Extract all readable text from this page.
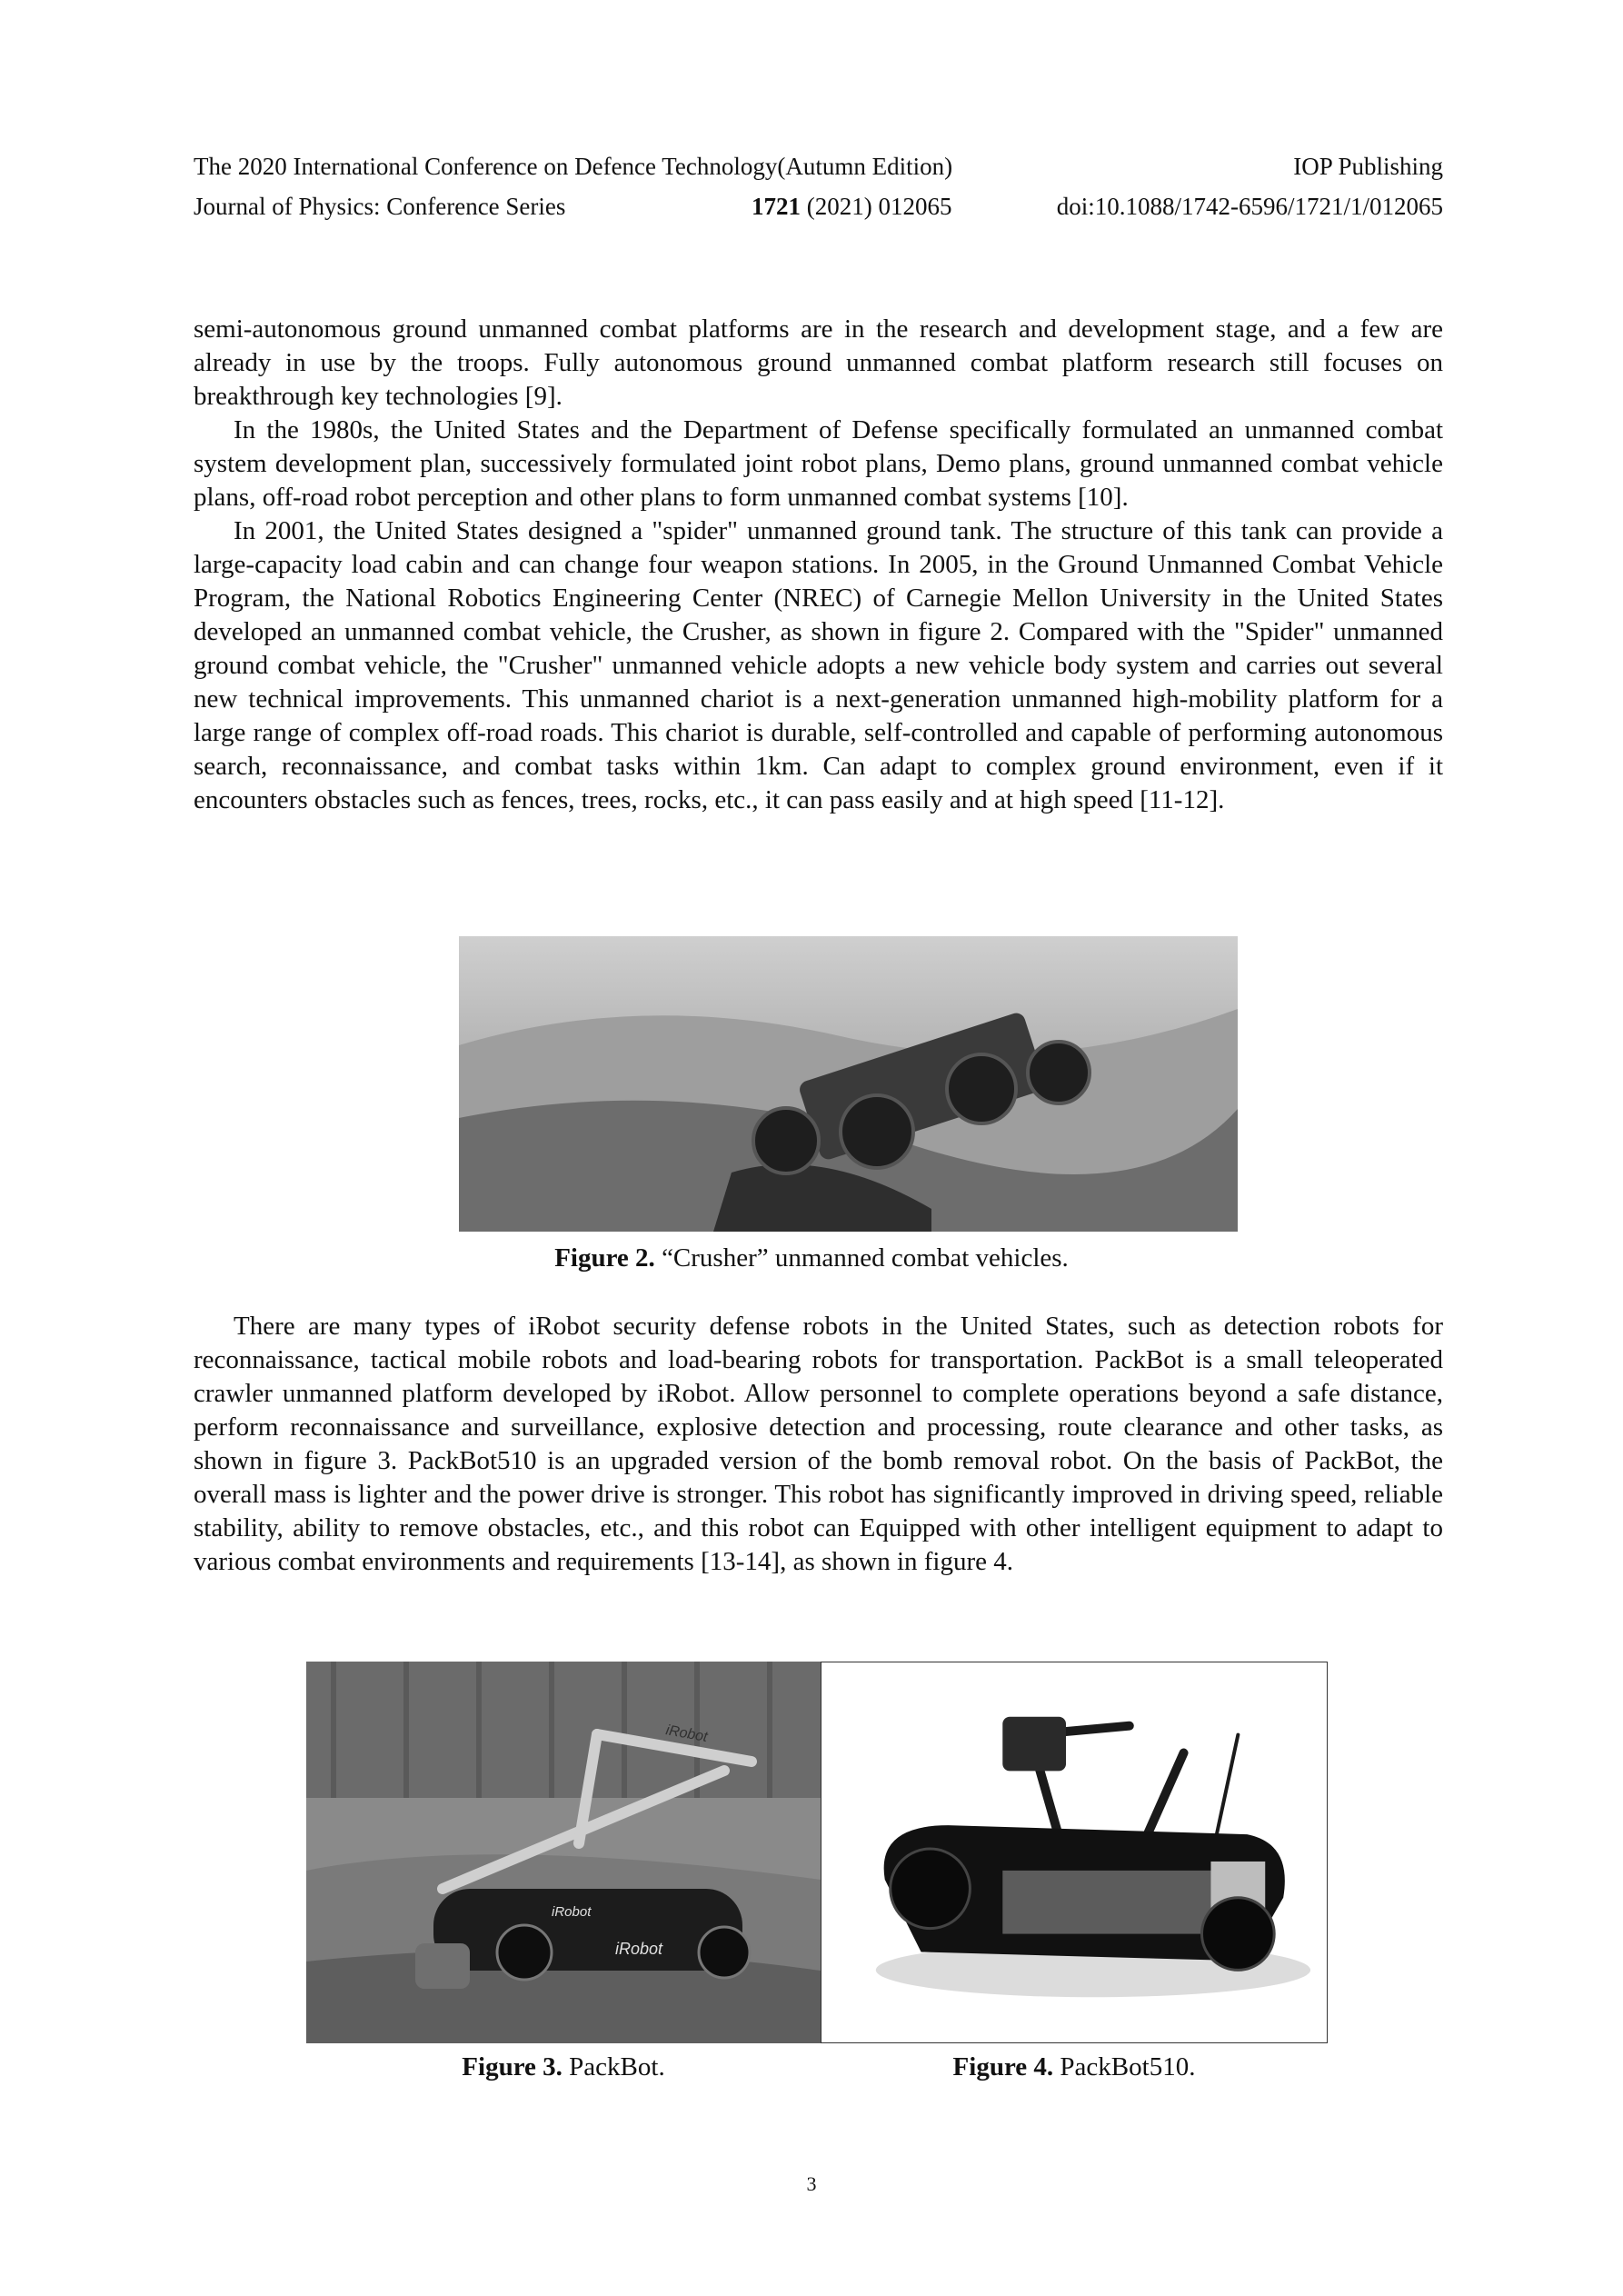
The 2020 International Conference on Defence Technology(Autumn Edition)	IOP Publishing
Journal of Physics: Conference Series	1721 (2021) 012065	doi:10.1088/1742-6596/1721/1/012065

semi-autonomous ground unmanned combat platforms are in the research and development stage, and a few are already in use by the troops. Fully autonomous ground unmanned combat platform research still focuses on breakthrough key technologies [9].

In the 1980s, the United States and the Department of Defense specifically formulated an unmanned combat system development plan, successively formulated joint robot plans, Demo plans, ground unmanned combat vehicle plans, off-road robot perception and other plans to form unmanned combat systems [10].

In 2001, the United States designed a "spider" unmanned ground tank. The structure of this tank can provide a large-capacity load cabin and can change four weapon stations. In 2005, in the Ground Unmanned Combat Vehicle Program, the National Robotics Engineering Center (NREC) of Carnegie Mellon University in the United States developed an unmanned combat vehicle, the Crusher, as shown in figure 2. Compared with the "Spider" unmanned ground combat vehicle, the "Crusher" unmanned vehicle adopts a new vehicle body system and carries out several new technical improvements. This unmanned chariot is a next-generation unmanned high-mobility platform for a large range of complex off-road roads. This chariot is durable, self-controlled and capable of performing autonomous search, reconnaissance, and combat tasks within 1km. Can adapt to complex ground environment, even if it encounters obstacles such as fences, trees, rocks, etc., it can pass easily and at high speed [11-12].

Figure 2. “Crusher” unmanned combat vehicles.

There are many types of iRobot security defense robots in the United States, such as detection robots for reconnaissance, tactical mobile robots and load-bearing robots for transportation. PackBot is a small teleoperated crawler unmanned platform developed by iRobot. Allow personnel to complete operations beyond a safe distance, perform reconnaissance and surveillance, explosive detection and processing, route clearance and other tasks, as shown in figure 3. PackBot510 is an upgraded version of the bomb removal robot. On the basis of PackBot, the overall mass is lighter and the power drive is stronger. This robot has significantly improved in driving speed, reliable stability, ability to remove obstacles, etc., and this robot can Equipped with other intelligent equipment to adapt to various combat environments and requirements [13-14], as shown in figure 4.

iRobot
iRobot
iRobot
Figure 3. PackBot.	Figure 4. PackBot510.
3
